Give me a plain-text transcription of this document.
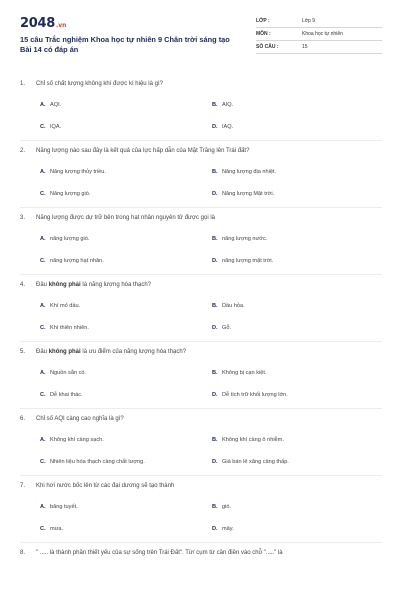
2048 .vn
15 câu Trắc nghiệm Khoa học tự nhiên 9 Chân trời sáng tạo Bài 14 có đáp án
LỚP :	Lớp 9
MÔN :	Khoa học tự nhiên
SỐ CÂU :	15
1. Chỉ số chất lượng không khí được kí hiệu là gì?
A. AQI.	B. AIQ.
C. IQA.	D. IAQ.
2. Năng lượng nào sau đây là kết quả của lực hấp dẫn của Mặt Trăng lên Trái đất?
A. Năng lượng thủy triều.	B. Năng lượng địa nhiệt.
C. Năng lượng gió.	D. Năng lượng Mặt trời.
3. Năng lượng được dự trữ bên trong hạt nhân nguyên tử được gọi là
A. năng lượng gió.	B. năng lượng nước.
C. năng lượng hạt nhân.	D. năng lượng mặt trời.
4. Đâu không phải là năng lượng hóa thạch?
A. Khí mỏ dầu.	B. Dầu hỏa.
C. Khí thiên nhiên.	D. Gỗ.
5. Đâu không phải là ưu điểm của năng lượng hóa thạch?
A. Nguồn sẵn có.	B. Không bị cạn kiệt.
C. Dễ khai thác.	D. Dễ tích trữ khối lượng lớn.
6. Chỉ số AQI càng cao nghĩa là gì?
A. Không khí càng sạch.	B. Không khí càng ô nhiễm.
C. Nhiên liệu hóa thạch càng chất lượng.	D. Giá bán lẻ xăng càng thấp.
7. Khi hơi nước bốc lên từ các đại dương sẽ tạo thành
A. băng tuyết.	B. gió.
C. mưa.	D. mây.
8. " ..... là thành phần thiết yếu của sự sống trên Trái Đất". Từ/ cụm từ cần điền vào chỗ "....." là
